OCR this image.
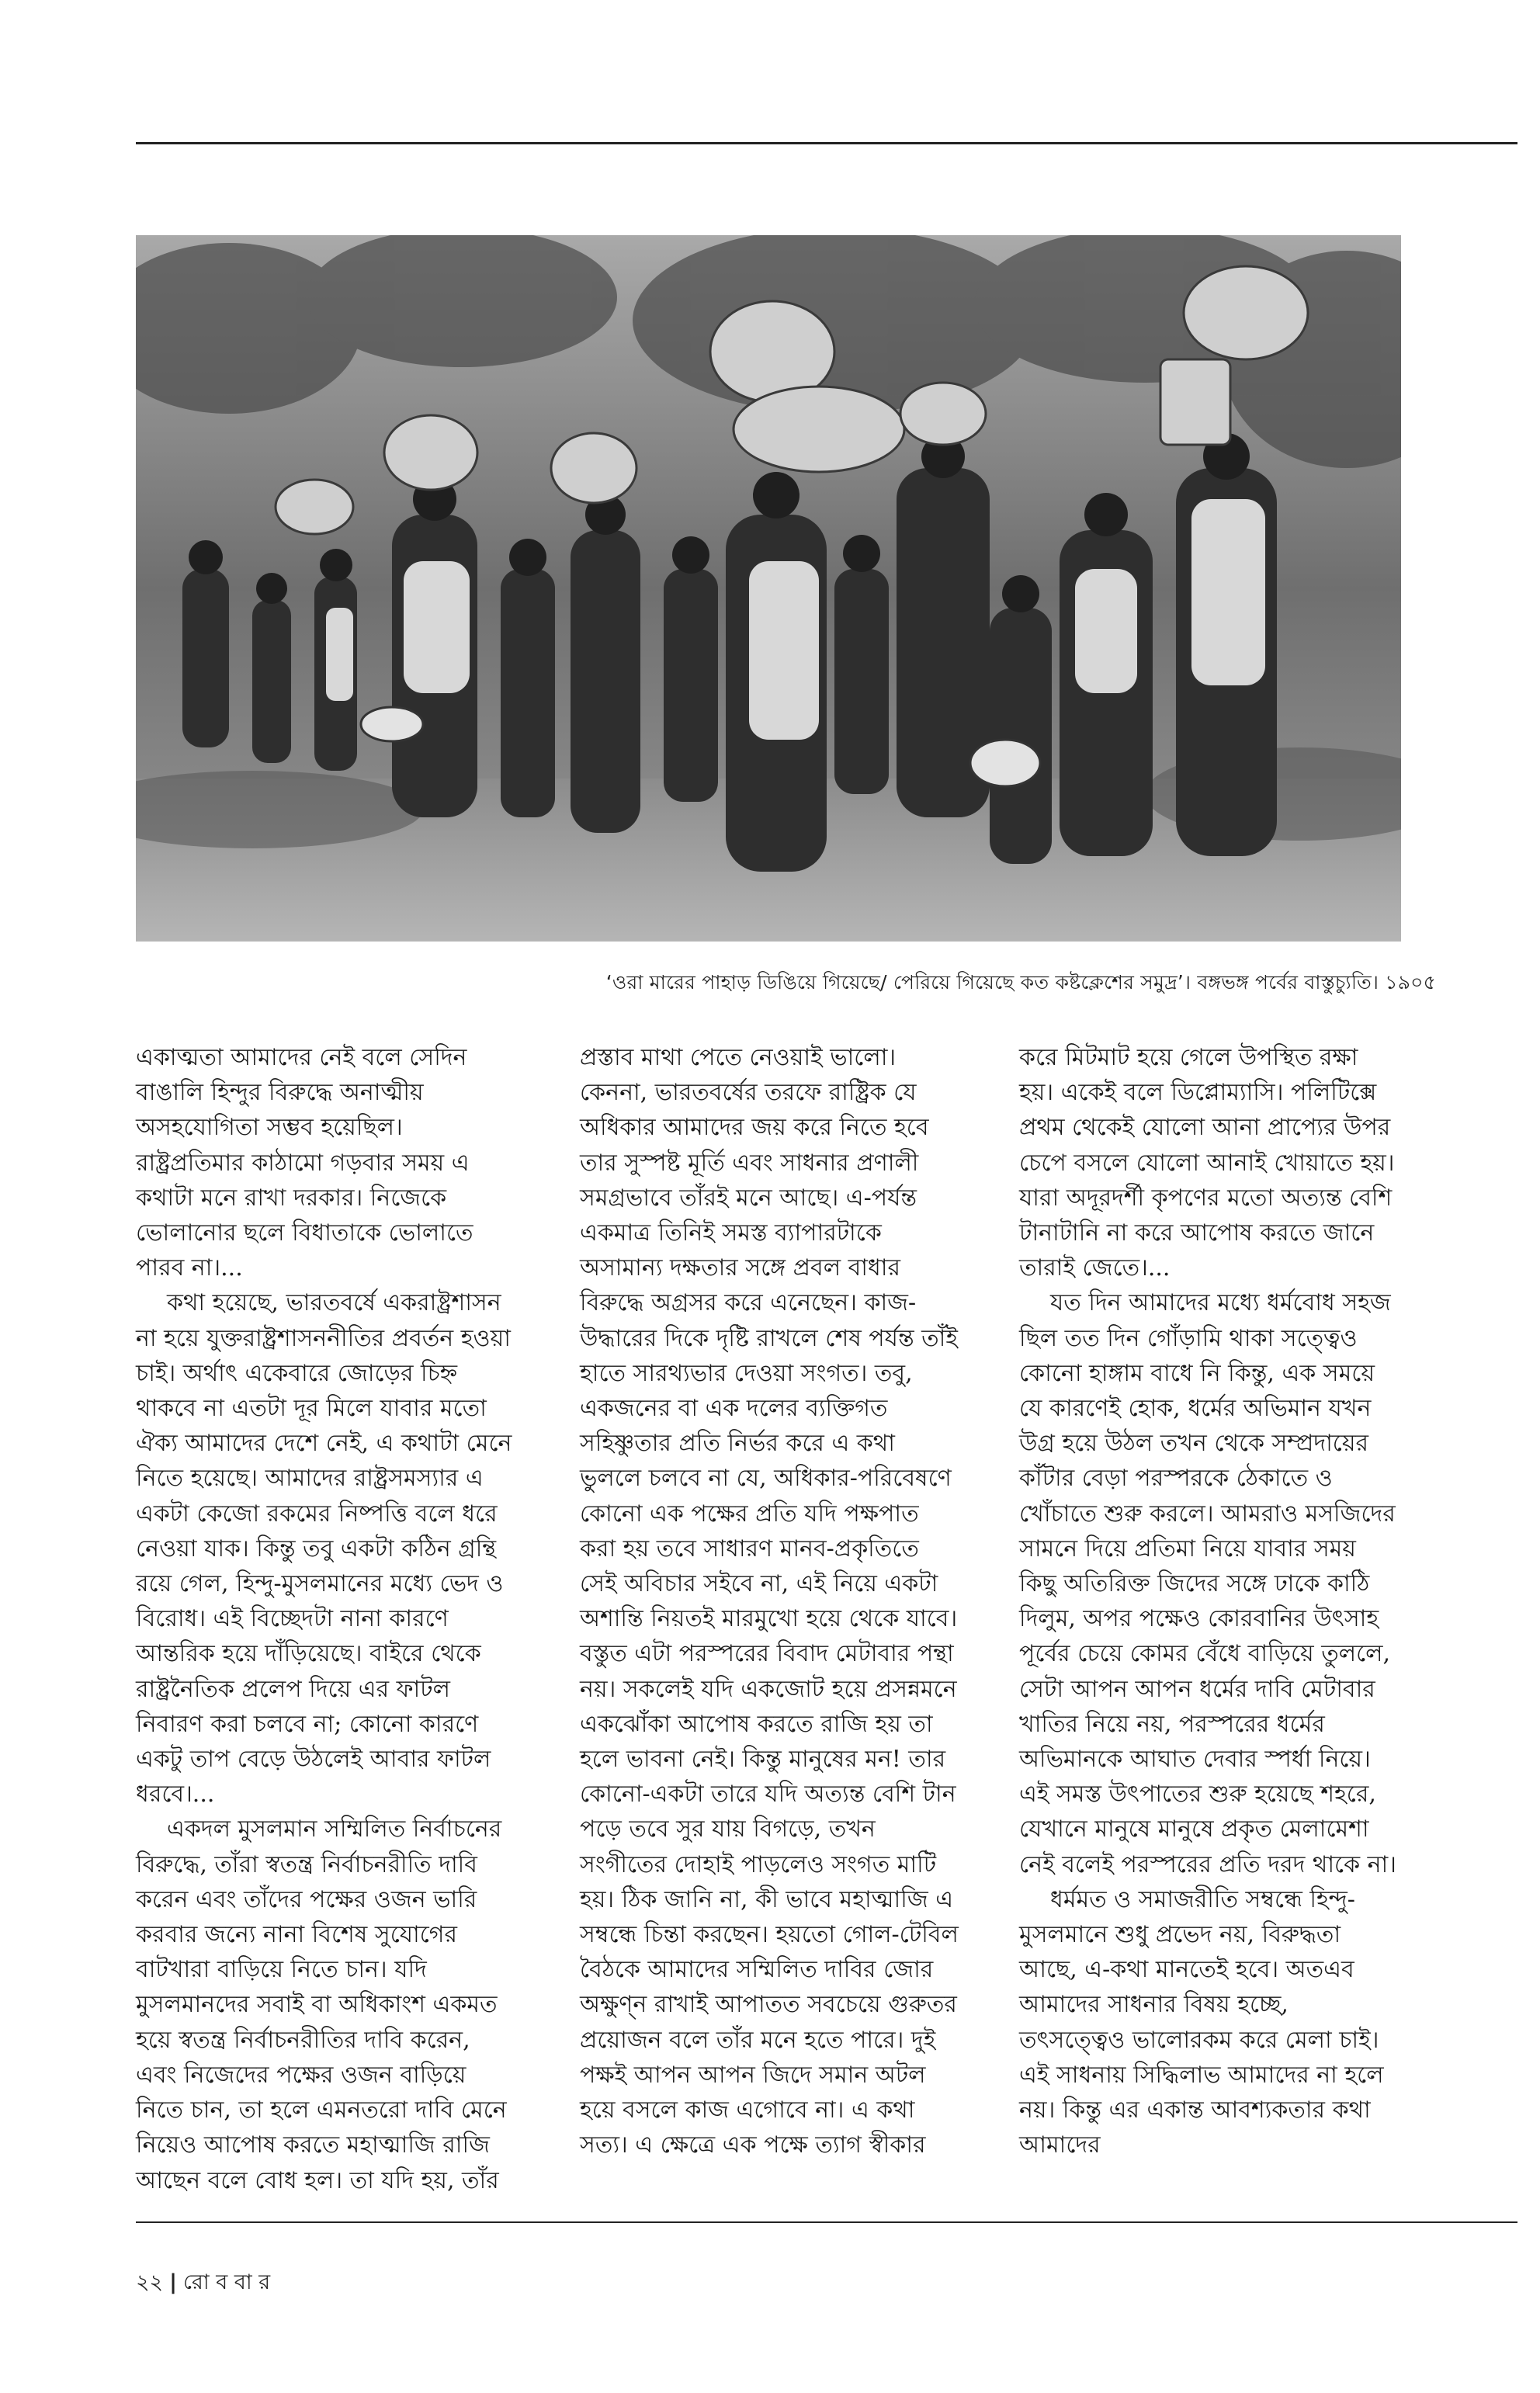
‘ওরা মারের পাহাড় ডিঙিয়ে গিয়েছে/ পেরিয়ে গিয়েছে কত কষ্টক্লেশের সমুদ্র’। বঙ্গভঙ্গ পর্বের বাস্তুচ্যুতি। ১৯০৫

একাত্মতা আমাদের নেই বলে সেদিন বাঙালি হিন্দুর বিরুদ্ধে অনাত্মীয় অসহযোগিতা সম্ভব হয়েছিল। রাষ্ট্রপ্রতিমার কাঠামো গড়বার সময় এ কথাটা মনে রাখা দরকার। নিজেকে ভোলানোর ছলে বিধাতাকে ভোলাতে পারব না।...

কথা হয়েছে, ভারতবর্ষে একরাষ্ট্রশাসন না হয়ে যুক্তরাষ্ট্রশাসননীতির প্রবর্তন হওয়া চাই। অর্থাৎ একেবারে জোড়ের চিহ্ন থাকবে না এতটা দূর মিলে যাবার মতো ঐক্য আমাদের দেশে নেই, এ কথাটা মেনে নিতে হয়েছে। আমাদের রাষ্ট্রসমস্যার এ একটা কেজো রকমের নিষ্পত্তি বলে ধরে নেওয়া যাক। কিন্তু তবু একটা কঠিন গ্রন্থি রয়ে গেল, হিন্দু-মুসলমানের মধ্যে ভেদ ও বিরোধ। এই বিচ্ছেদটা নানা কারণে আন্তরিক হয়ে দাঁড়িয়েছে। বাইরে থেকে রাষ্ট্রনৈতিক প্রলেপ দিয়ে এর ফাটল নিবারণ করা চলবে না; কোনো কারণে একটু তাপ বেড়ে উঠলেই আবার ফাটল ধরবে।...

একদল মুসলমান সম্মিলিত নির্বাচনের বিরুদ্ধে, তাঁরা স্বতন্ত্র নির্বাচনরীতি দাবি করেন এবং তাঁদের পক্ষের ওজন ভারি করবার জন্যে নানা বিশেষ সুযোগের বাটখারা বাড়িয়ে নিতে চান। যদি মুসলমানদের সবাই বা অধিকাংশ একমত হয়ে স্বতন্ত্র নির্বাচনরীতির দাবি করেন, এবং নিজেদের পক্ষের ওজন বাড়িয়ে নিতে চান, তা হলে এমনতরো দাবি মেনে নিয়েও আপোষ করতে মহাত্মাজি রাজি আছেন বলে বোধ হল। তা যদি হয়, তাঁর

প্রস্তাব মাথা পেতে নেওয়াই ভালো। কেননা, ভারতবর্ষের তরফে রাষ্ট্রিক যে অধিকার আমাদের জয় করে নিতে হবে তার সুস্পষ্ট মূর্তি এবং সাধনার প্রণালী সমগ্রভাবে তাঁরই মনে আছে। এ-পর্যন্ত একমাত্র তিনিই সমস্ত ব্যাপারটাকে অসামান্য দক্ষতার সঙ্গে প্রবল বাধার বিরুদ্ধে অগ্রসর করে এনেছেন। কাজ-উদ্ধারের দিকে দৃষ্টি রাখলে শেষ পর্যন্ত তাঁই হাতে সারথ্যভার দেওয়া সংগত। তবু, একজনের বা এক দলের ব্যক্তিগত সহিষ্ণুতার প্রতি নির্ভর করে এ কথা ভুললে চলবে না যে, অধিকার-পরিবেষণে কোনো এক পক্ষের প্রতি যদি পক্ষপাত করা হয় তবে সাধারণ মানব-প্রকৃতিতে সেই অবিচার সইবে না, এই নিয়ে একটা অশান্তি নিয়তই মারমুখো হয়ে থেকে যাবে। বস্তুত এটা পরস্পরের বিবাদ মেটাবার পন্থা নয়। সকলেই যদি একজোট হয়ে প্রসন্নমনে একঝোঁকা আপোষ করতে রাজি হয় তা হলে ভাবনা নেই। কিন্তু মানুষের মন! তার কোনো-একটা তারে যদি অত্যন্ত বেশি টান পড়ে তবে সুর যায় বিগড়ে, তখন সংগীতের দোহাই পাড়লেও সংগত মাটি হয়। ঠিক জানি না, কী ভাবে মহাত্মাজি এ সম্বন্ধে চিন্তা করছেন। হয়তো গোল-টেবিল বৈঠকে আমাদের সম্মিলিত দাবির জোর অক্ষুণ্ন রাখাই আপাতত সবচেয়ে গুরুতর প্রয়োজন বলে তাঁর মনে হতে পারে। দুই পক্ষই আপন আপন জিদে সমান অটল হয়ে বসলে কাজ এগোবে না। এ কথা সত্য। এ ক্ষেত্রে এক পক্ষে ত্যাগ স্বীকার

করে মিটমাট হয়ে গেলে উপস্থিত রক্ষা হয়। একেই বলে ডিপ্লোম্যাসি। পলিটিক্সে প্রথম থেকেই যোলো আনা প্রাপ্যের উপর চেপে বসলে যোলো আনাই খোয়াতে হয়। যারা অদূরদর্শী কৃপণের মতো অত্যন্ত বেশি টানাটানি না করে আপোষ করতে জানে তারাই জেতে।...

যত দিন আমাদের মধ্যে ধর্মবোধ সহজ ছিল তত দিন গোঁড়ামি থাকা সত্ত্বেও কোনো হাঙ্গাম বাধে নি কিন্তু, এক সময়ে যে কারণেই হোক, ধর্মের অভিমান যখন উগ্র হয়ে উঠল তখন থেকে সম্প্রদায়ের কাঁটার বেড়া পরস্পরকে ঠেকাতে ও খোঁচাতে শুরু করলে। আমরাও মসজিদের সামনে দিয়ে প্রতিমা নিয়ে যাবার সময় কিছু অতিরিক্ত জিদের সঙ্গে ঢাকে কাঠি দিলুম, অপর পক্ষেও কোরবানির উৎসাহ পূর্বের চেয়ে কোমর বেঁধে বাড়িয়ে তুললে, সেটা আপন আপন ধর্মের দাবি মেটাবার খাতির নিয়ে নয়, পরস্পরের ধর্মের অভিমানকে আঘাত দেবার স্পর্ধা নিয়ে। এই সমস্ত উৎপাতের শুরু হয়েছে শহরে, যেখানে মানুষে মানুষে প্রকৃত মেলামেশা নেই বলেই পরস্পরের প্রতি দরদ থাকে না।

ধর্মমত ও সমাজরীতি সম্বন্ধে হিন্দু-মুসলমানে শুধু প্রভেদ নয়, বিরুদ্ধতা আছে, এ-কথা মানতেই হবে। অতএব আমাদের সাধনার বিষয় হচ্ছে, তৎসত্ত্বেও ভালোরকম করে মেলা চাই। এই সাধনায় সিদ্ধিলাভ আমাদের না হলে নয়। কিন্তু এর একান্ত আবশ্যকতার কথা আমাদের

২২ | রো ব বা র
